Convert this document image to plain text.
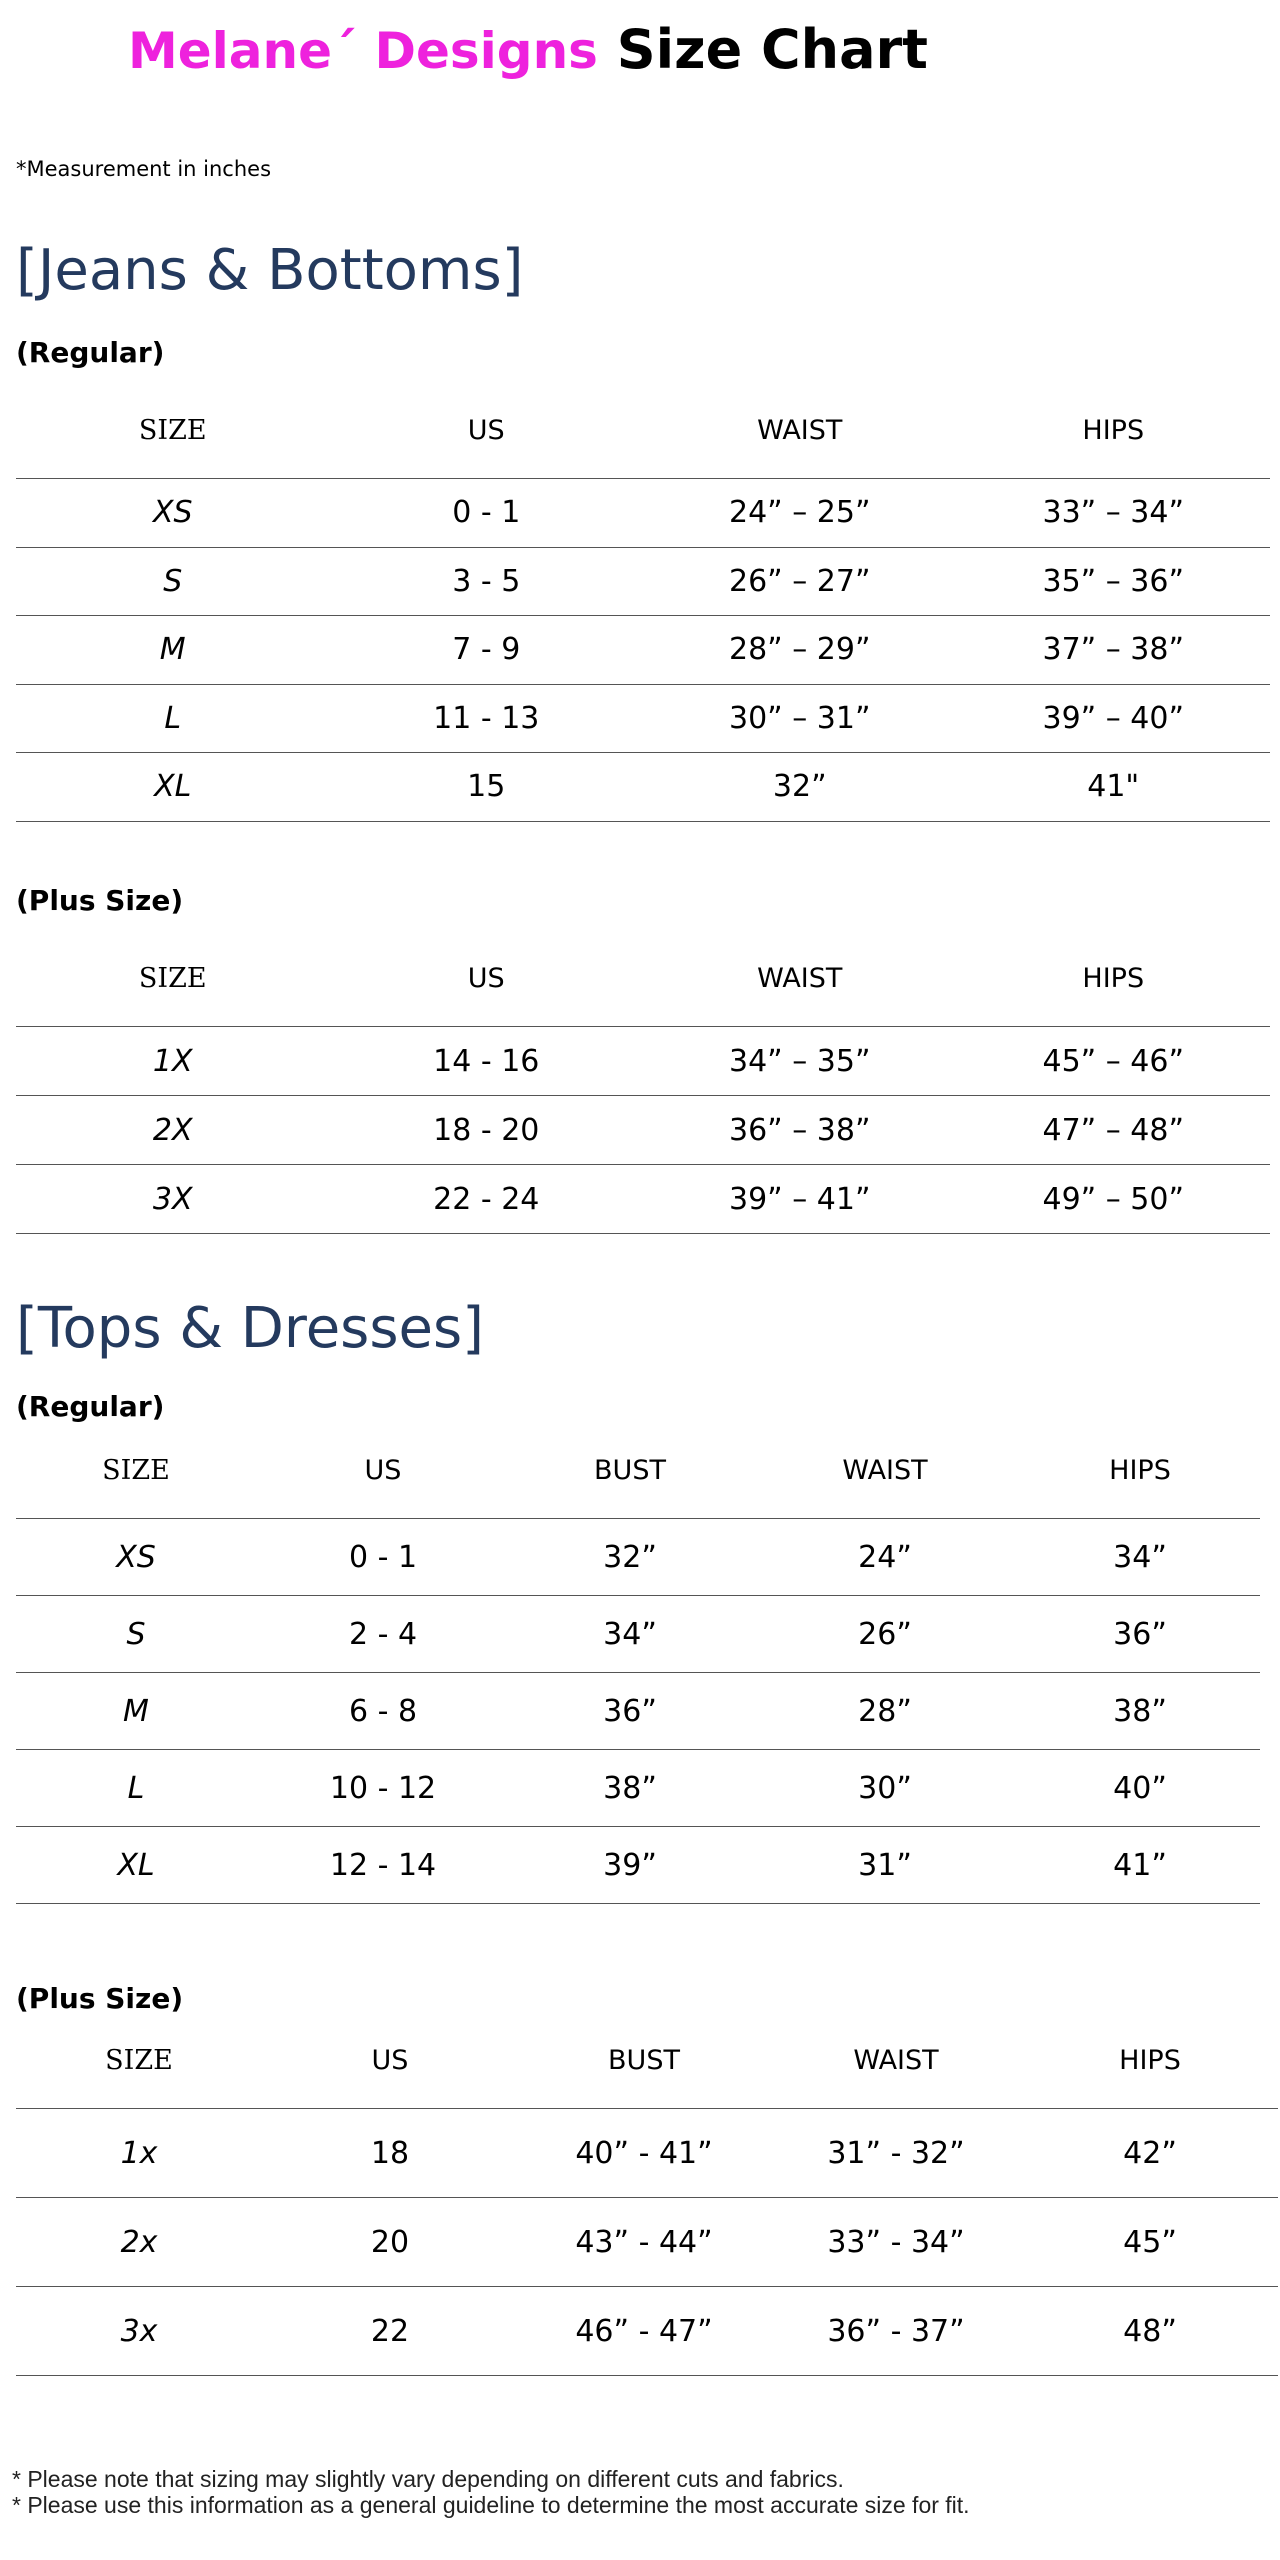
Melane´ Designs Size Chart
*Measurement in inches
[Jeans & Bottoms]
(Regular)
SIZE	US	WAIST	HIPS
XS	0 - 1	24” – 25”	33” – 34”
S	3 - 5	26” – 27”	35” – 36”
M	7 - 9	28” – 29”	37” – 38”
L	11 - 13	30” – 31”	39” – 40”
XL	15	32”	41"
(Plus Size)
SIZE	US	WAIST	HIPS
1X	14 - 16	34” – 35”	45” – 46”
2X	18 - 20	36” – 38”	47” – 48”
3X	22 - 24	39” – 41”	49” – 50”
[Tops & Dresses]
(Regular)
SIZE	US	BUST	WAIST	HIPS
XS	0 - 1	32”	24”	34”
S	2 - 4	34”	26”	36”
M	6 - 8	36”	28”	38”
L	10 - 12	38”	30”	40”
XL	12 - 14	39”	31”	41”
(Plus Size)
SIZE	US	BUST	WAIST	HIPS
1x	18	40” - 41”	31” - 32”	42”
2x	20	43” - 44”	33” - 34”	45”
3x	22	46” - 47”	36” - 37”	48”
* Please note that sizing may slightly vary depending on different cuts and fabrics.
* Please use this information as a general guideline to determine the most accurate size for fit.
